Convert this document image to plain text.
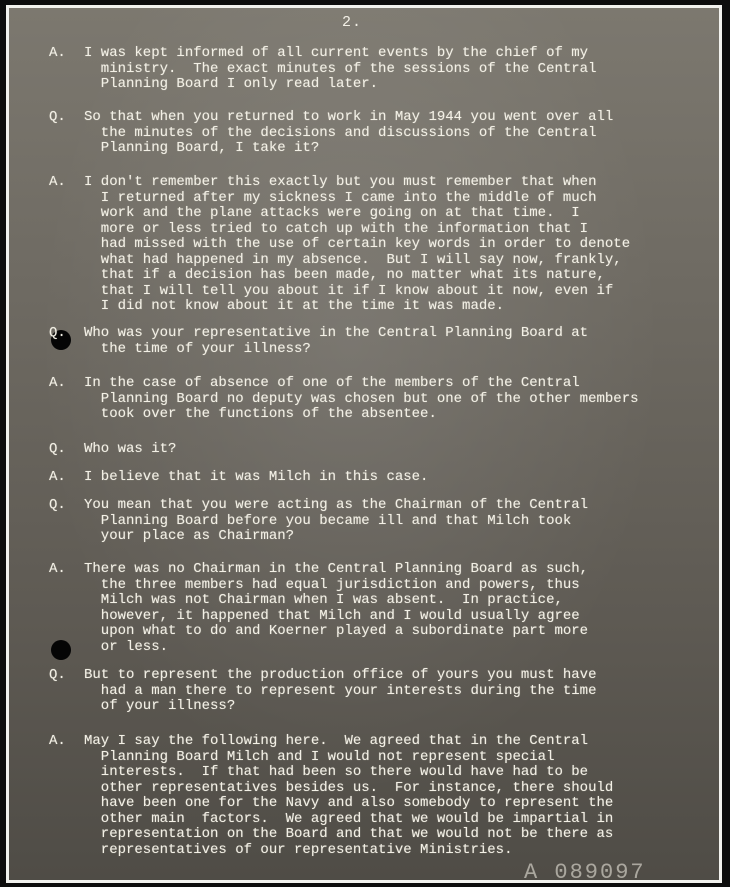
2.
A.	I was kept informed of all current events by the chief of my
ministry.  The exact minutes of the sessions of the Central
Planning Board I only read later.
Q.	So that when you returned to work in May 1944 you went over all
the minutes of the decisions and discussions of the Central
Planning Board, I take it?
A.	I don't remember this exactly but you must remember that when
I returned after my sickness I came into the middle of much
work and the plane attacks were going on at that time.  I
more or less tried to catch up with the information that I
had missed with the use of certain key words in order to denote
what had happened in my absence.  But I will say now, frankly,
that if a decision has been made, no matter what its nature,
that I will tell you about it if I know about it now, even if
I did not know about it at the time it was made.
Q.	Who was your representative in the Central Planning Board at
the time of your illness?
A.	In the case of absence of one of the members of the Central
Planning Board no deputy was chosen but one of the other members
took over the functions of the absentee.
Q.	Who was it?
A.	I believe that it was Milch in this case.
Q.	You mean that you were acting as the Chairman of the Central
Planning Board before you became ill and that Milch took
your place as Chairman?
A.	There was no Chairman in the Central Planning Board as such,
the three members had equal jurisdiction and powers, thus
Milch was not Chairman when I was absent.  In practice,
however, it happened that Milch and I would usually agree
upon what to do and Koerner played a subordinate part more
or less.
Q.	But to represent the production office of yours you must have
had a man there to represent your interests during the time
of your illness?
A.	May I say the following here.  We agreed that in the Central
Planning Board Milch and I would not represent special
interests.  If that had been so there would have had to be
other representatives besides us.  For instance, there should
have been one for the Navy and also somebody to represent the
other main  factors.  We agreed that we would be impartial in
representation on the Board and that we would not be there as
representatives of our representative Ministries.
A 089097
